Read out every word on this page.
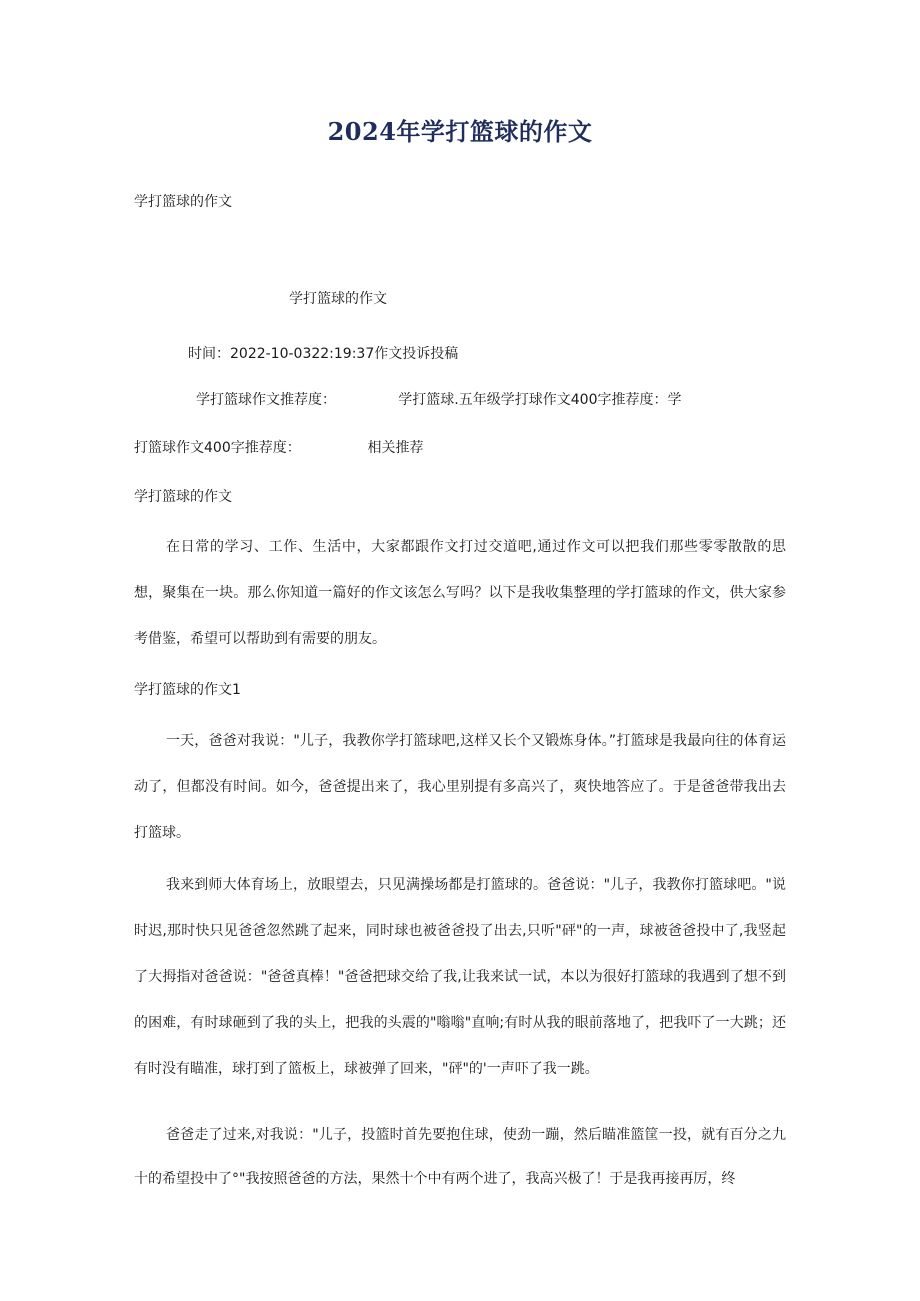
2024年学打篮球的作文

学打篮球的作文

学打篮球的作文

时间：2022-10-0322:19:37作文投诉投稿

学打篮球作文推荐度：              学打篮球.五年级学打球作文400字推荐度：学

打篮球作文400字推荐度：               相关推荐

学打篮球的作文

在日常的学习、工作、生活中，大家都跟作文打过交道吧,通过作文可以把我们那些零零散散的思想，聚集在一块。那么你知道一篇好的作文该怎么写吗？以下是我收集整理的学打篮球的作文，供大家参考借鉴，希望可以帮助到有需要的朋友。

学打篮球的作文1

一天，爸爸对我说："儿子，我教你学打篮球吧,这样又长个又锻炼身体。”打篮球是我最向往的体育运动了，但都没有时间。如今，爸爸提出来了，我心里别提有多高兴了，爽快地答应了。于是爸爸带我出去打篮球。

我来到师大体育场上，放眼望去，只见满操场都是打篮球的。爸爸说："儿子，我教你打篮球吧。"说时迟,那时快只见爸爸忽然跳了起来，同时球也被爸爸投了出去,只听"砰"的一声，球被爸爸投中了,我竖起了大拇指对爸爸说："爸爸真棒！"爸爸把球交给了我,让我来试一试，本以为很好打篮球的我遇到了想不到的困难，有时球砸到了我的头上，把我的头震的"嗡嗡"直响;有时从我的眼前落地了，把我吓了一大跳；还有时没有瞄准，球打到了篮板上，球被弹了回来，"砰"的'一声吓了我一跳。

爸爸走了过来,对我说："儿子，投篮时首先要抱住球，使劲一蹦，然后瞄准篮筐一投，就有百分之九十的希望投中了°"我按照爸爸的方法，果然十个中有两个进了，我高兴极了！于是我再接再厉，终
